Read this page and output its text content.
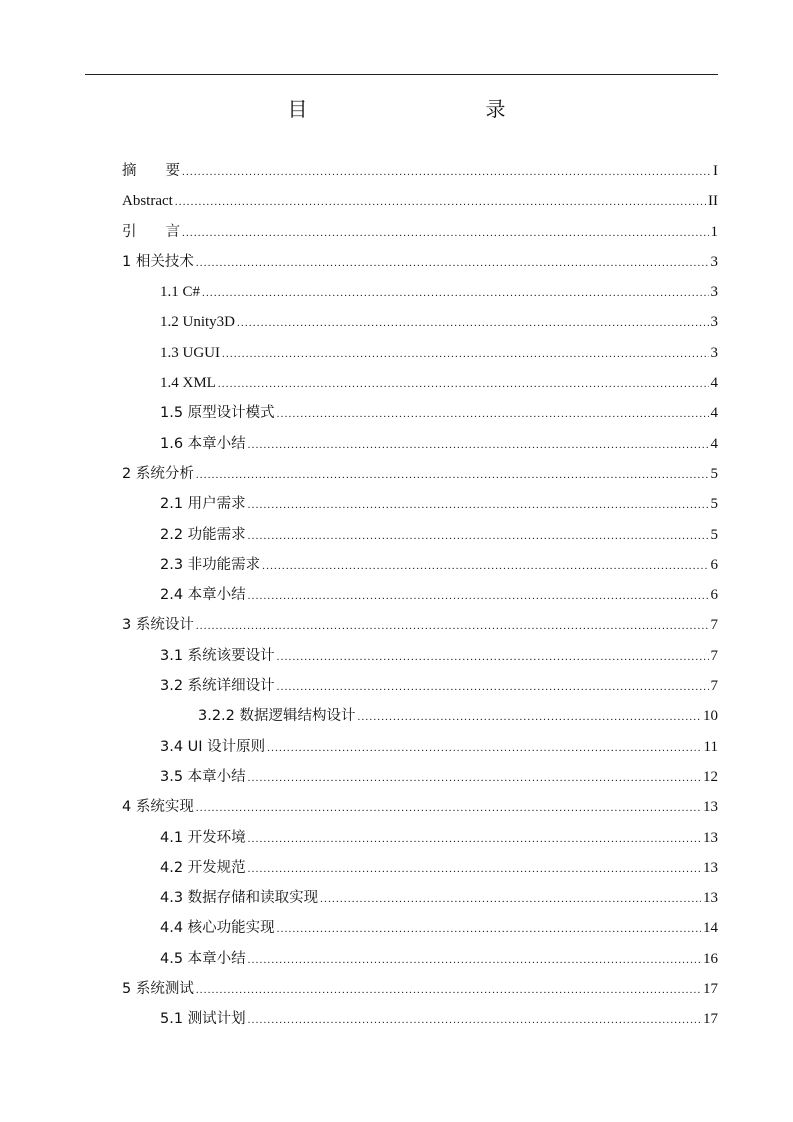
目　　录
摘　　要 .....	I
Abstract .....	II
引　　言 .....	1
1 相关技术 .....	3
1.1 C# .....	3
1.2 Unity3D .....	3
1.3 UGUI .....	3
1.4 XML .....	4
1.5 原型设计模式 .....	4
1.6 本章小结 .....	4
2 系统分析 .....	5
2.1 用户需求 .....	5
2.2 功能需求 .....	5
2.3 非功能需求 .....	6
2.4 本章小结 .....	6
3 系统设计 .....	7
3.1 系统该要设计 .....	7
3.2 系统详细设计 .....	7
3.2.2 数据逻辑结构设计 .....	10
3.4 UI 设计原则 .....	11
3.5 本章小结 .....	12
4 系统实现 .....	13
4.1 开发环境 .....	13
4.2 开发规范 .....	13
4.3 数据存储和读取实现 .....	13
4.4 核心功能实现 .....	14
4.5 本章小结 .....	16
5 系统测试 .....	17
5.1 测试计划 .....	17
